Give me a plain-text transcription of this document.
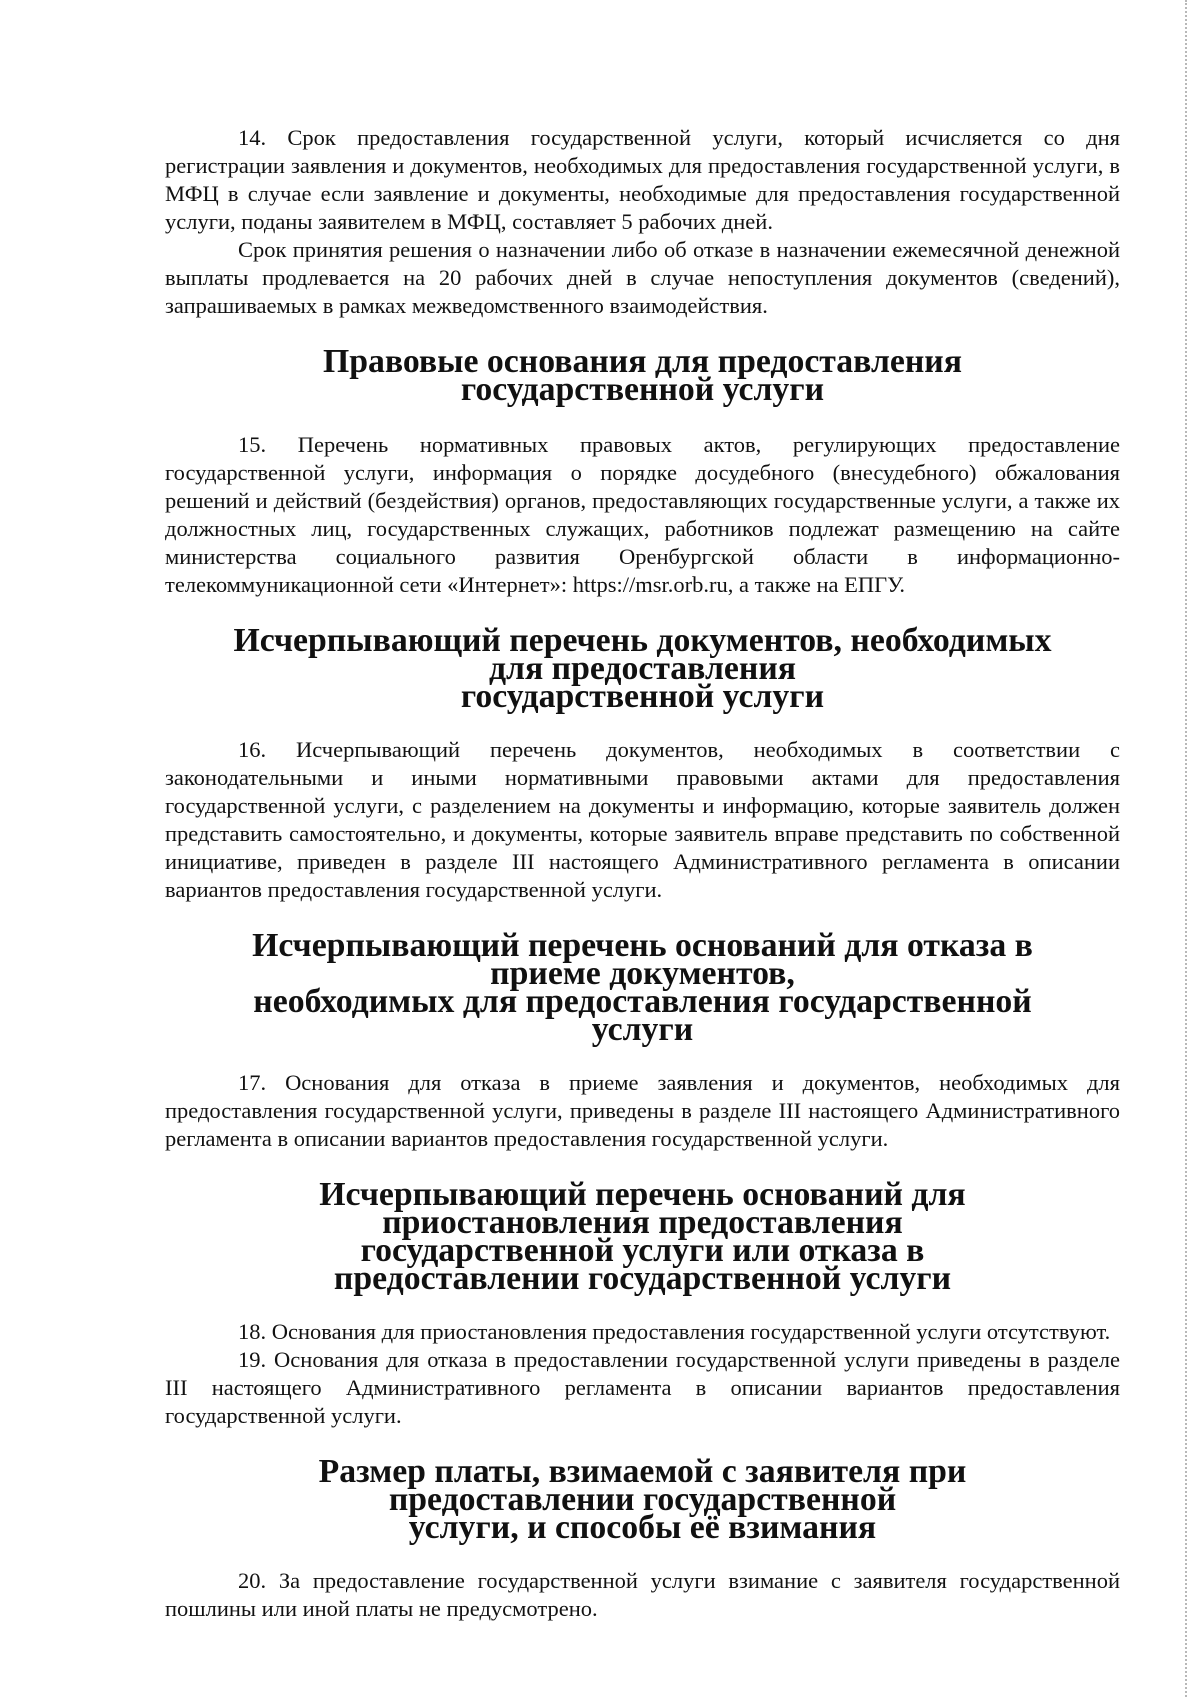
14. Срок предоставления государственной услуги, который исчисляется со дня регистрации заявления и документов, необходимых для предоставления государственной услуги, в МФЦ в случае если заявление и документы, необходимые для предоставления государственной услуги, поданы заявителем в МФЦ, составляет 5 рабочих дней.

Срок принятия решения о назначении либо об отказе в назначении ежемесячной денежной выплаты продлевается на 20 рабочих дней в случае непоступления документов (сведений), запрашиваемых в рамках межведомственного взаимодействия.

Правовые основания для предоставления государственной услуги

15. Перечень нормативных правовых актов, регулирующих предоставление государственной услуги, информация о порядке досудебного (внесудебного) обжалования решений и действий (бездействия) органов, предоставляющих государственные услуги, а также их должностных лиц, государственных служащих, работников подлежат размещению на сайте министерства социального развития Оренбургской области в информационно-телекоммуникационной сети «Интернет»: https://msr.orb.ru, а также на ЕПГУ.

Исчерпывающий перечень документов, необходимых для предоставления
государственной услуги

16. Исчерпывающий перечень документов, необходимых в соответствии с законодательными и иными нормативными правовыми актами для предоставления государственной услуги, с разделением на документы и информацию, которые заявитель должен представить самостоятельно, и документы, которые заявитель вправе представить по собственной инициативе, приведен в разделе III настоящего Административного регламента в описании вариантов предоставления государственной услуги.

Исчерпывающий перечень оснований для отказа в приеме документов,
необходимых для предоставления государственной услуги

17. Основания для отказа в приеме заявления и документов, необходимых для предоставления государственной услуги, приведены в разделе III настоящего Административного регламента в описании вариантов предоставления государственной услуги.

Исчерпывающий перечень оснований для приостановления предоставления
государственной услуги или отказа в
предоставлении государственной услуги

18. Основания для приостановления предоставления государственной услуги отсутствуют.

19. Основания для отказа в предоставлении государственной услуги приведены в разделе III настоящего Административного регламента в описании вариантов предоставления государственной услуги.

Размер платы, взимаемой с заявителя при предоставлении государственной
услуги, и способы её взимания

20. За предоставление государственной услуги взимание с заявителя государственной пошлины или иной платы не предусмотрено.
